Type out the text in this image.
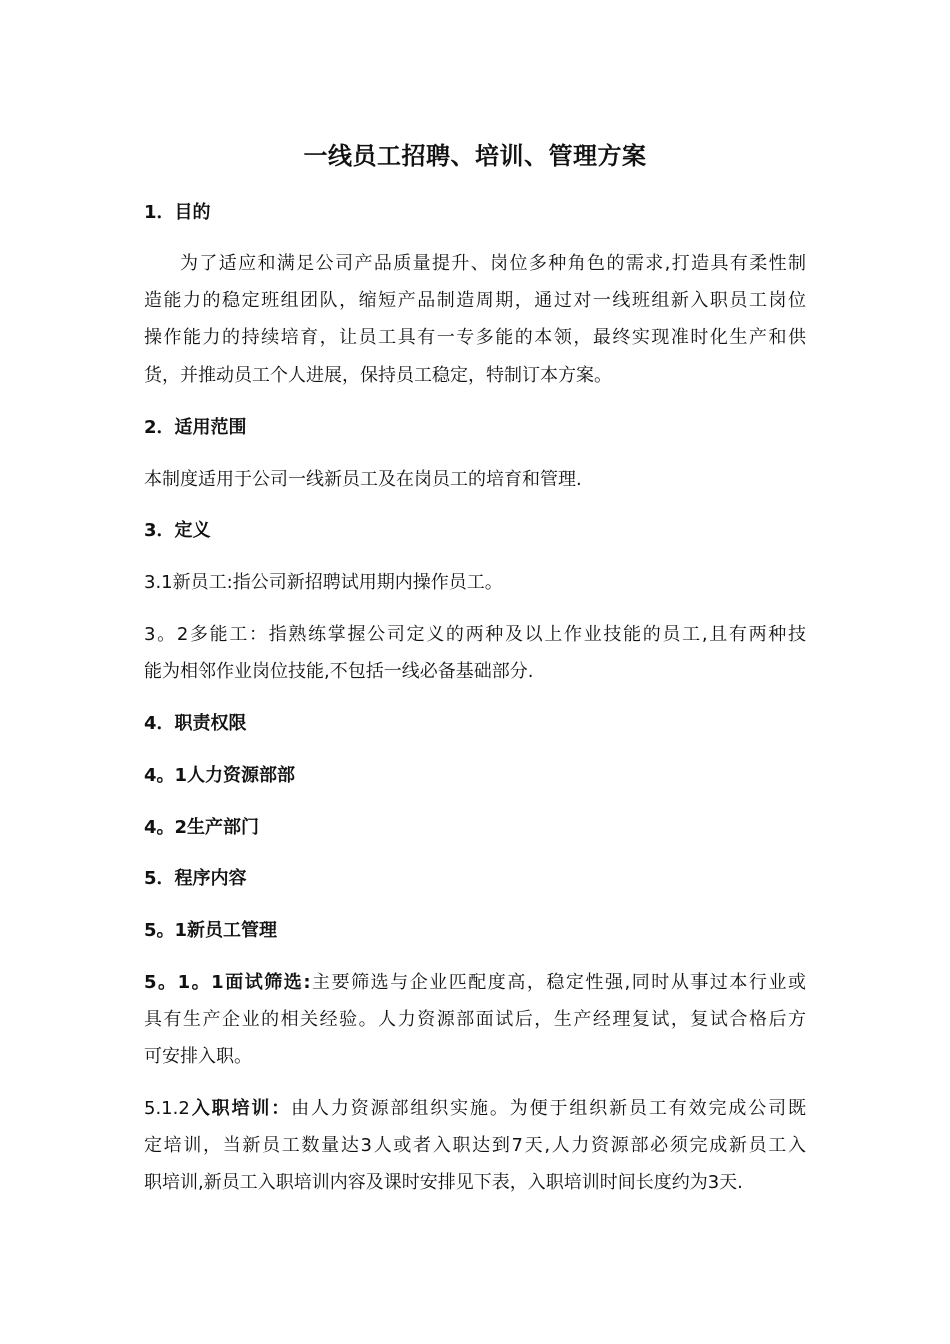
一线员工招聘、培训、管理方案
1．目的
为了适应和满足公司产品质量提升、岗位多种角色的需求,打造具有柔性制
造能力的稳定班组团队，缩短产品制造周期，通过对一线班组新入职员工岗位
操作能力的持续培育，让员工具有一专多能的本领，最终实现准时化生产和供
货，并推动员工个人进展，保持员工稳定，特制订本方案。
2．适用范围
本制度适用于公司一线新员工及在岗员工的培育和管理.
3．定义
3.1新员工:指公司新招聘试用期内操作员工。
3。2多能工：指熟练掌握公司定义的两种及以上作业技能的员工,且有两种技
能为相邻作业岗位技能,不包括一线必备基础部分.
4．职责权限
4。1人力资源部部
4。2生产部门
5．程序内容
5。1新员工管理
5。1。1面试筛选:主要筛选与企业匹配度高，稳定性强,同时从事过本行业或
具有生产企业的相关经验。人力资源部面试后，生产经理复试，复试合格后方
可安排入职。
5.1.2入职培训：由人力资源部组织实施。为便于组织新员工有效完成公司既
定培训，当新员工数量达3人或者入职达到7天,人力资源部必须完成新员工入
职培训,新员工入职培训内容及课时安排见下表，入职培训时间长度约为3天.
